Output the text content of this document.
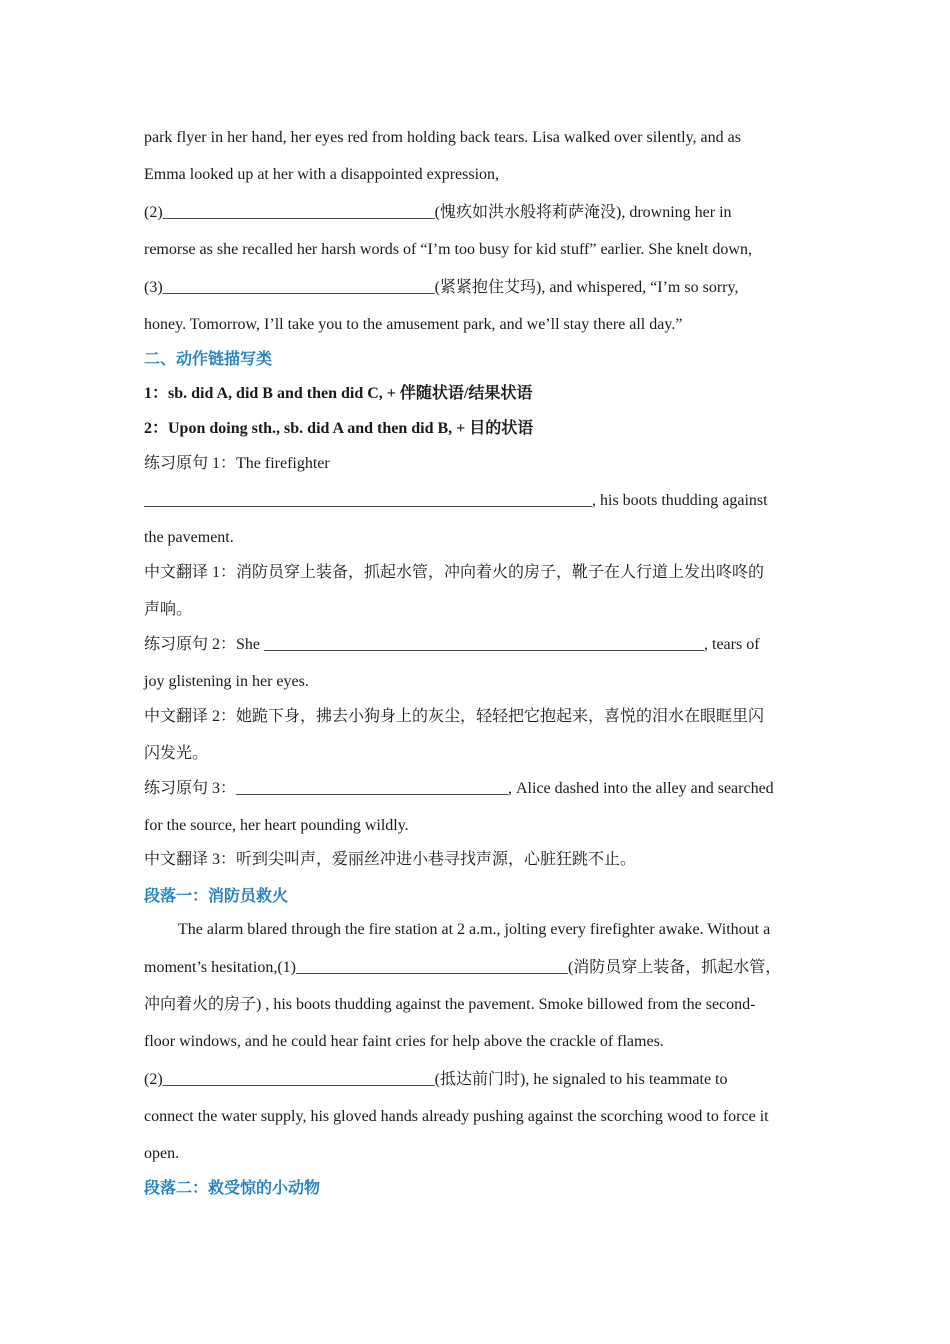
park flyer in her hand, her eyes red from holding back tears. Lisa walked over silently, and as
Emma looked up at her with a disappointed expression,
(2)__________________________________(愧疚如洪水般将莉萨淹没), drowning her in
remorse as she recalled her harsh words of “I’m too busy for kid stuff” earlier. She knelt down,
(3)__________________________________(紧紧抱住艾玛), and whispered, “I’m so sorry,
honey. Tomorrow, I’ll take you to the amusement park, and we’ll stay there all day.”
二、动作链描写类
1：sb. did A, did B and then did C, + 伴随状语/结果状语
2：Upon doing sth., sb. did A and then did B, + 目的状语
练习原句 1：The firefighter
________________________________________________________, his boots thudding against
the pavement.
中文翻译 1：消防员穿上装备，抓起水管，冲向着火的房子，靴子在人行道上发出咚咚的
声响。
练习原句 2：She _______________________________________________________, tears of
joy glistening in her eyes.
中文翻译 2：她跪下身，拂去小狗身上的灰尘，轻轻把它抱起来，喜悦的泪水在眼眶里闪
闪发光。
练习原句 3：__________________________________, Alice dashed into the alley and searched
for the source, her heart pounding wildly.
中文翻译 3：听到尖叫声，爱丽丝冲进小巷寻找声源，心脏狂跳不止。
段落一：消防员救火
The alarm blared through the fire station at 2 a.m., jolting every firefighter awake. Without a
moment’s hesitation,(1)__________________________________(消防员穿上装备，抓起水管，
冲向着火的房子) , his boots thudding against the pavement. Smoke billowed from the second-
floor windows, and he could hear faint cries for help above the crackle of flames.
(2)__________________________________(抵达前门时), he signaled to his teammate to
connect the water supply, his gloved hands already pushing against the scorching wood to force it
open.
段落二：救受惊的小动物
